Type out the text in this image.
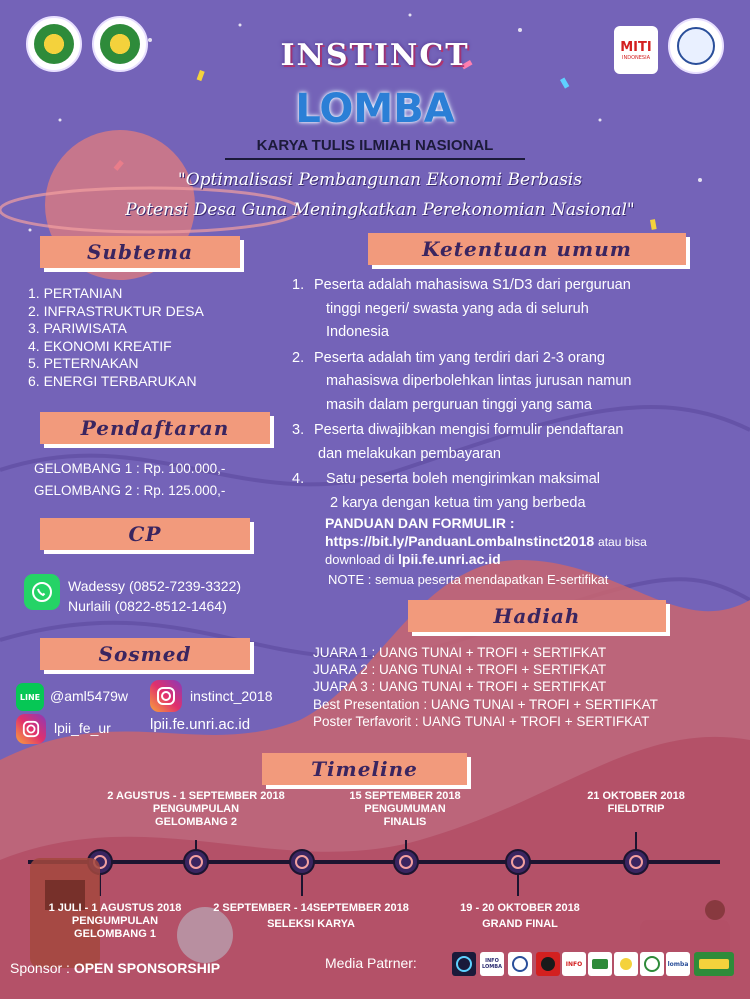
MITI
INDONESIA
INSTINCT
LOMBA
KARYA TULIS ILMIAH NASIONAL
"Optimalisasi Pembangunan Ekonomi Berbasis
Potensi Desa Guna Meningkatkan Perekonomian Nasional"
Subtema
1. PERTANIAN
2. INFRASTRUKTUR DESA
3. PARIWISATA
4. EKONOMI KREATIF
5. PETERNAKAN
6. ENERGI TERBARUKAN
Ketentuan umum
1. Peserta adalah mahasiswa S1/D3 dari perguruan
tinggi negeri/ swasta yang ada di seluruh
Indonesia
2. Peserta adalah tim yang terdiri dari 2-3 orang
mahasiswa diperbolehkan lintas jurusan namun
masih dalam perguruan tinggi yang sama
3. Peserta diwajibkan mengisi formulir pendaftaran
dan melakukan pembayaran
4.	Satu peserta boleh mengirimkan maksimal
2 karya dengan ketua tim yang berbeda
Pendaftaran
GELOMBANG 1 : Rp. 100.000,-
GELOMBANG 2 : Rp. 125.000,-
PANDUAN DAN FORMULIR :
https://bit.ly/PanduanLombaInstinct2018 atau bisa
download di lpii.fe.unri.ac.id
NOTE : semua peserta mendapatkan E-sertifikat
CP
Wadessy (0852-7239-3322)
Nurlaili (0822-8512-1464)	Hadiah
JUARA 1 : UANG TUNAI + TROFI + SERTIFKAT
JUARA 2 : UANG TUNAI + TROFI + SERTIFKAT
JUARA 3 : UANG TUNAI + TROFI + SERTIFKAT
Best Presentation : UANG TUNAI + TROFI + SERTIFKAT
Poster Terfavorit : UANG TUNAI + TROFI + SERTIFKAT
Sosmed
LINE @aml5479w	instinct_2018
lpii_fe_ur	lpii.fe.unri.ac.id
Timeline
2 AGUSTUS - 1 SEPTEMBER 2018
PENGUMPULAN
GELOMBANG 2
15 SEPTEMBER 2018
PENGUMUMAN
FINALIS
21 OKTOBER 2018
FIELDTRIP
1 JULI - 1 AGUSTUS 2018
PENGUMPULAN
GELOMBANG 1
2 SEPTEMBER - 14SEPTEMBER 2018
SELEKSI KARYA
19 - 20 OKTOBER 2018
GRAND FINAL
Sponsor : OPEN SPONSORSHIP	Media Patrner:	INFO LOMBA	INFO	lomba
